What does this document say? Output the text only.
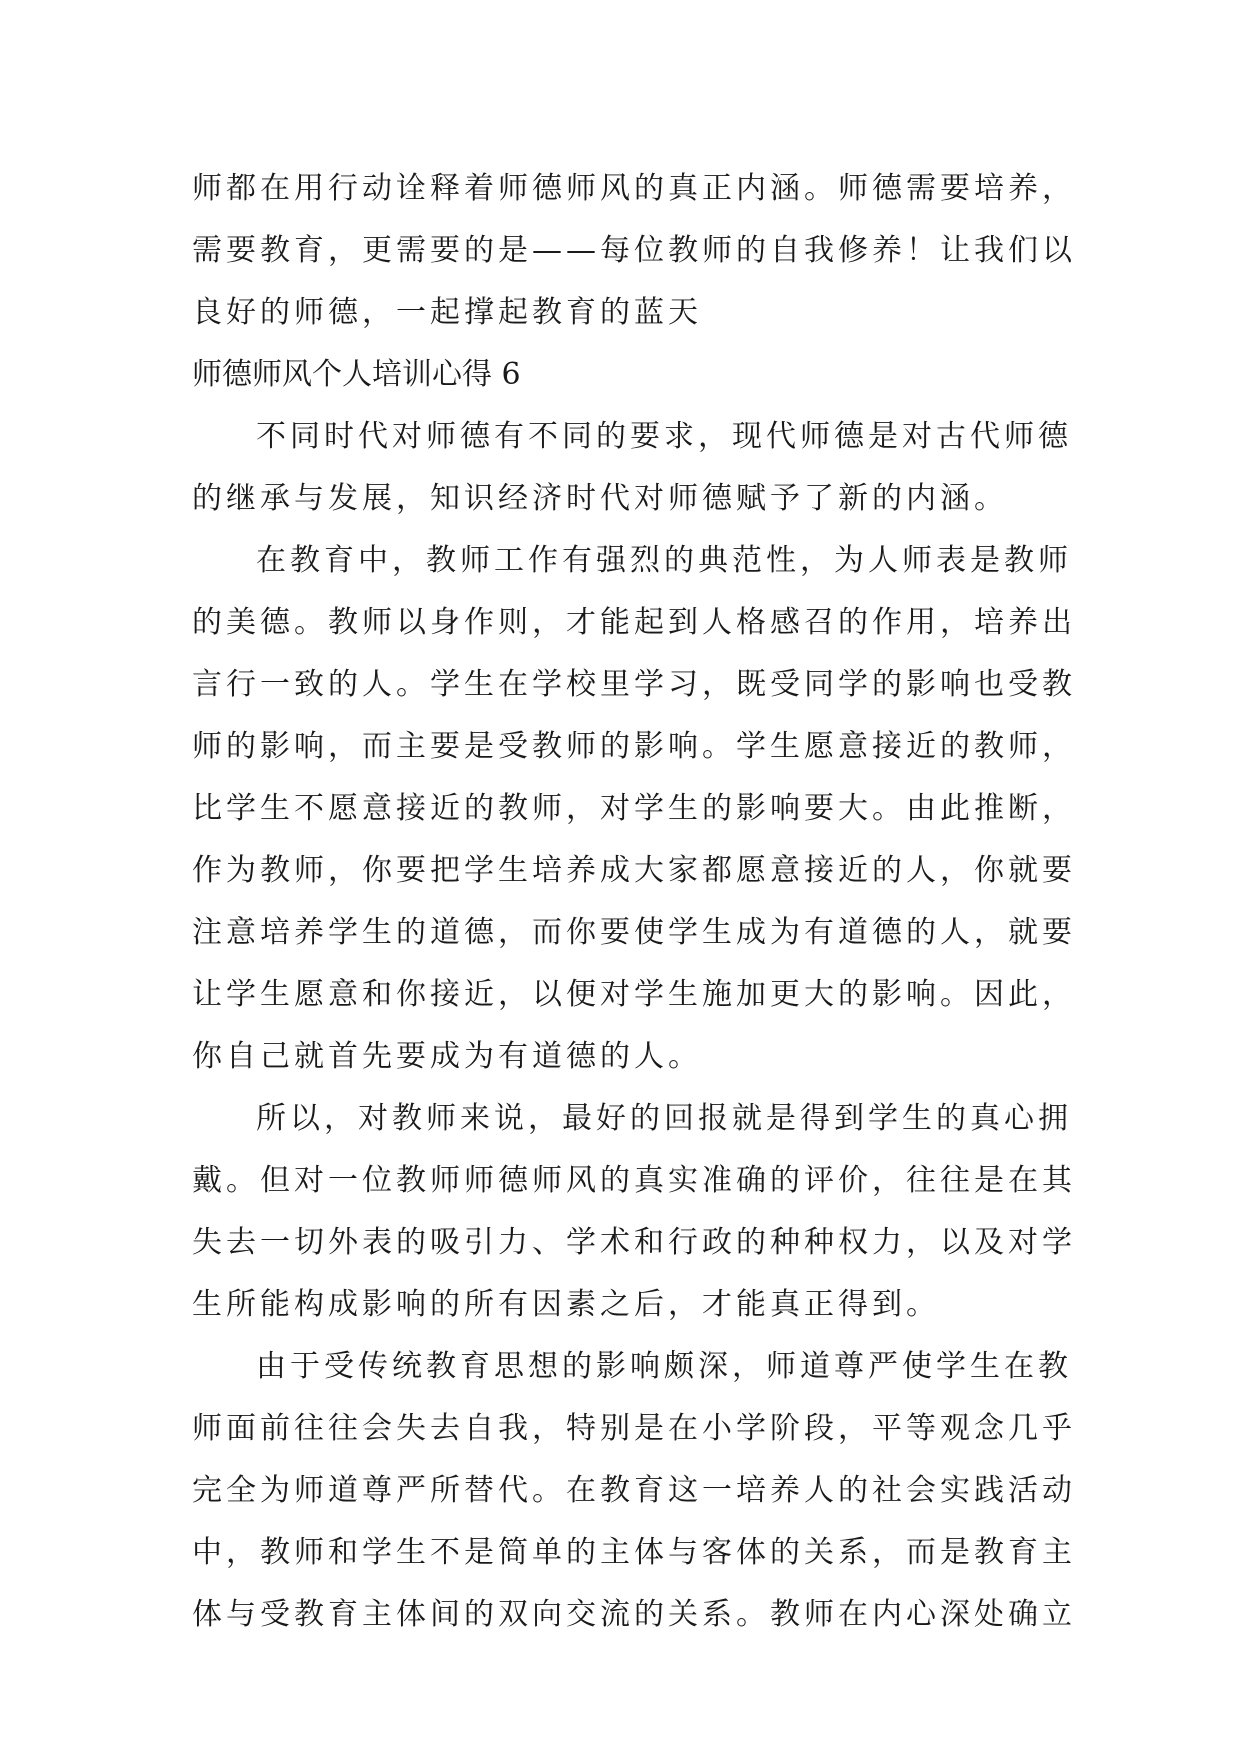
师都在用行动诠释着师德师风的真正内涵。师德需要培养，
需要教育，更需要的是——每位教师的自我修养！让我们以
良好的师德，一起撑起教育的蓝天
师德师风个人培训心得 6
不同时代对师德有不同的要求，现代师德是对古代师德
的继承与发展，知识经济时代对师德赋予了新的内涵。
在教育中，教师工作有强烈的典范性，为人师表是教师
的美德。教师以身作则，才能起到人格感召的作用，培养出
言行一致的人。学生在学校里学习，既受同学的影响也受教
师的影响，而主要是受教师的影响。学生愿意接近的教师，
比学生不愿意接近的教师，对学生的影响要大。由此推断，
作为教师，你要把学生培养成大家都愿意接近的人，你就要
注意培养学生的道德，而你要使学生成为有道德的人，就要
让学生愿意和你接近，以便对学生施加更大的影响。因此，
你自己就首先要成为有道德的人。
所以，对教师来说，最好的回报就是得到学生的真心拥
戴。但对一位教师师德师风的真实准确的评价，往往是在其
失去一切外表的吸引力、学术和行政的种种权力，以及对学
生所能构成影响的所有因素之后，才能真正得到。
由于受传统教育思想的影响颇深，师道尊严使学生在教
师面前往往会失去自我，特别是在小学阶段，平等观念几乎
完全为师道尊严所替代。在教育这一培养人的社会实践活动
中，教师和学生不是简单的主体与客体的关系，而是教育主
体与受教育主体间的双向交流的关系。教师在内心深处确立
